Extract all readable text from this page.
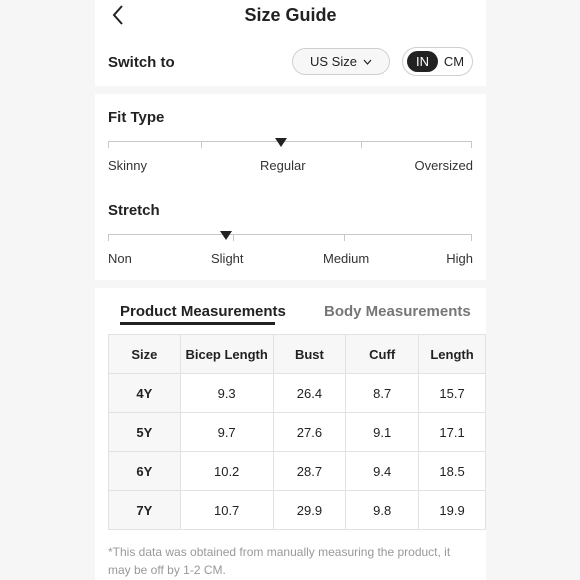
Size Guide
Switch to	US Size	IN	CM
Fit Type
Skinny	Regular	Oversized
Stretch
Non	Slight	Medium	High
Product Measurements	Body Measurements
Size	Bicep Length	Bust	Cuff	Length
4Y	9.3	26.4	8.7	15.7
5Y	9.7	27.6	9.1	17.1
6Y	10.2	28.7	9.4	18.5
7Y	10.7	29.9	9.8	19.9
*This data was obtained from manually measuring the product, it may be off by 1-2 CM.
